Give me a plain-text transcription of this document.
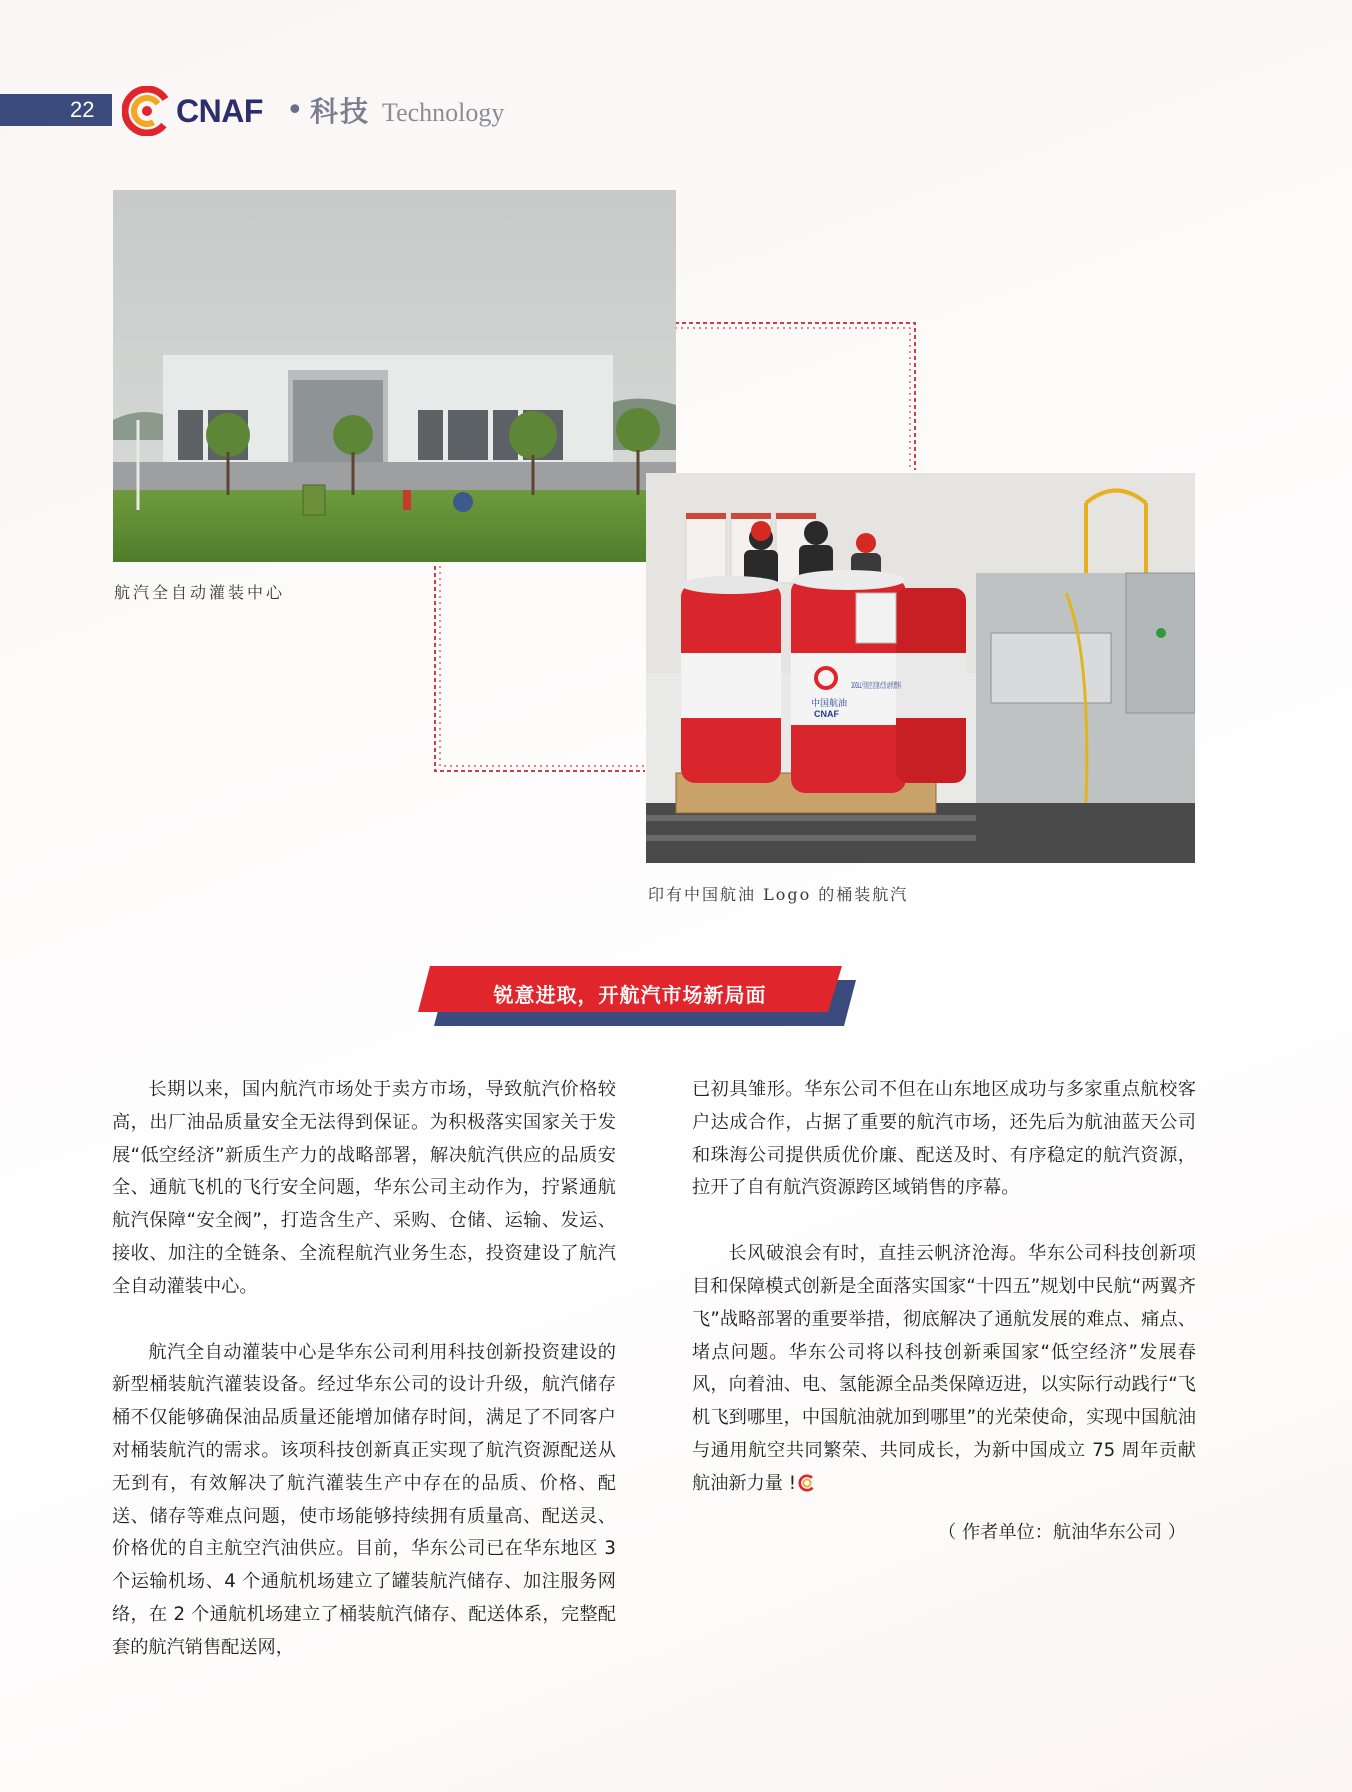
22	CNAF • 科技 Technology
航汽全自动灌装中心
中国航油
CNAF
印有中国航油 Logo 的桶装航汽
锐意进取，开航汽市场新局面

长期以来，国内航汽市场处于卖方市场，导致航汽价格较高，出厂油品质量安全无法得到保证。为积极落实国家关于发展“低空经济”新质生产力的战略部署，解决航汽供应的品质安全、通航飞机的飞行安全问题，华东公司主动作为，拧紧通航航汽保障“安全阀”，打造含生产、采购、仓储、运输、发运、接收、加注的全链条、全流程航汽业务生态，投资建设了航汽全自动灌装中心。

航汽全自动灌装中心是华东公司利用科技创新投资建设的新型桶装航汽灌装设备。经过华东公司的设计升级，航汽储存桶不仅能够确保油品质量还能增加储存时间，满足了不同客户对桶装航汽的需求。该项科技创新真正实现了航汽资源配送从无到有，有效解决了航汽灌装生产中存在的品质、价格、配送、储存等难点问题，使市场能够持续拥有质量高、配送灵、价格优的自主航空汽油供应。目前，华东公司已在华东地区 3 个运输机场、4 个通航机场建立了罐装航汽储存、加注服务网络，在 2 个通航机场建立了桶装航汽储存、配送体系，完整配套的航汽销售配送网，

已初具雏形。华东公司不但在山东地区成功与多家重点航校客户达成合作，占据了重要的航汽市场，还先后为航油蓝天公司和珠海公司提供质优价廉、配送及时、有序稳定的航汽资源，拉开了自有航汽资源跨区域销售的序幕。

长风破浪会有时，直挂云帆济沧海。华东公司科技创新项目和保障模式创新是全面落实国家“十四五”规划中民航“两翼齐飞”战略部署的重要举措，彻底解决了通航发展的难点、痛点、堵点问题。华东公司将以科技创新乘国家“低空经济”发展春风，向着油、电、氢能源全品类保障迈进，以实际行动践行“飞机飞到哪里，中国航油就加到哪里”的光荣使命，实现中国航油与通用航空共同繁荣、共同成长，为新中国成立 75 周年贡献航油新力量 !

（ 作者单位：航油华东公司 ）
